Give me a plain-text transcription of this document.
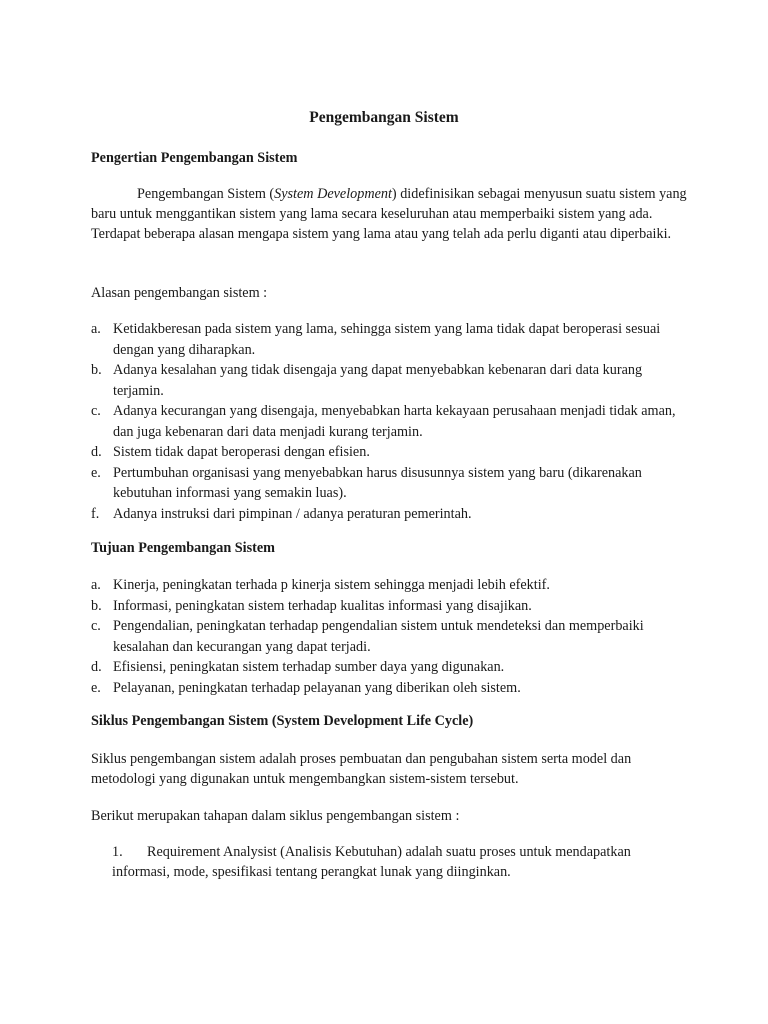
Pengembangan Sistem
Pengertian Pengembangan Sistem
Pengembangan Sistem (System Development) didefinisikan sebagai menyusun suatu sistem yang baru untuk menggantikan sistem yang lama secara keseluruhan atau memperbaiki sistem yang ada. Terdapat beberapa alasan mengapa sistem yang lama atau yang telah ada perlu diganti atau diperbaiki.
Alasan pengembangan sistem :
a. Ketidakberesan pada sistem yang lama, sehingga sistem yang lama tidak dapat beroperasi sesuai dengan yang diharapkan.
b. Adanya kesalahan yang tidak disengaja yang dapat menyebabkan kebenaran dari data kurang terjamin.
c. Adanya kecurangan yang disengaja, menyebabkan harta kekayaan perusahaan menjadi tidak aman, dan juga kebenaran dari data menjadi kurang terjamin.
d. Sistem tidak dapat beroperasi dengan efisien.
e. Pertumbuhan organisasi yang menyebabkan harus disusunnya sistem yang baru (dikarenakan kebutuhan informasi yang semakin luas).
f. Adanya instruksi dari pimpinan / adanya peraturan pemerintah.
Tujuan Pengembangan Sistem
a. Kinerja, peningkatan terhada p kinerja sistem sehingga menjadi lebih efektif.
b. Informasi, peningkatan sistem terhadap kualitas informasi yang disajikan.
c. Pengendalian, peningkatan terhadap pengendalian sistem untuk mendeteksi dan memperbaiki kesalahan dan kecurangan yang dapat terjadi.
d. Efisiensi, peningkatan sistem terhadap sumber daya yang digunakan.
e. Pelayanan, peningkatan terhadap pelayanan yang diberikan oleh sistem.
Siklus Pengembangan Sistem (System Development Life Cycle)
Siklus pengembangan sistem adalah proses pembuatan dan pengubahan sistem serta model dan metodologi yang digunakan untuk mengembangkan sistem-sistem tersebut.
Berikut merupakan tahapan dalam siklus pengembangan sistem :
1. Requirement Analysist (Analisis Kebutuhan) adalah suatu proses untuk mendapatkan informasi, mode, spesifikasi tentang perangkat lunak yang diinginkan.
